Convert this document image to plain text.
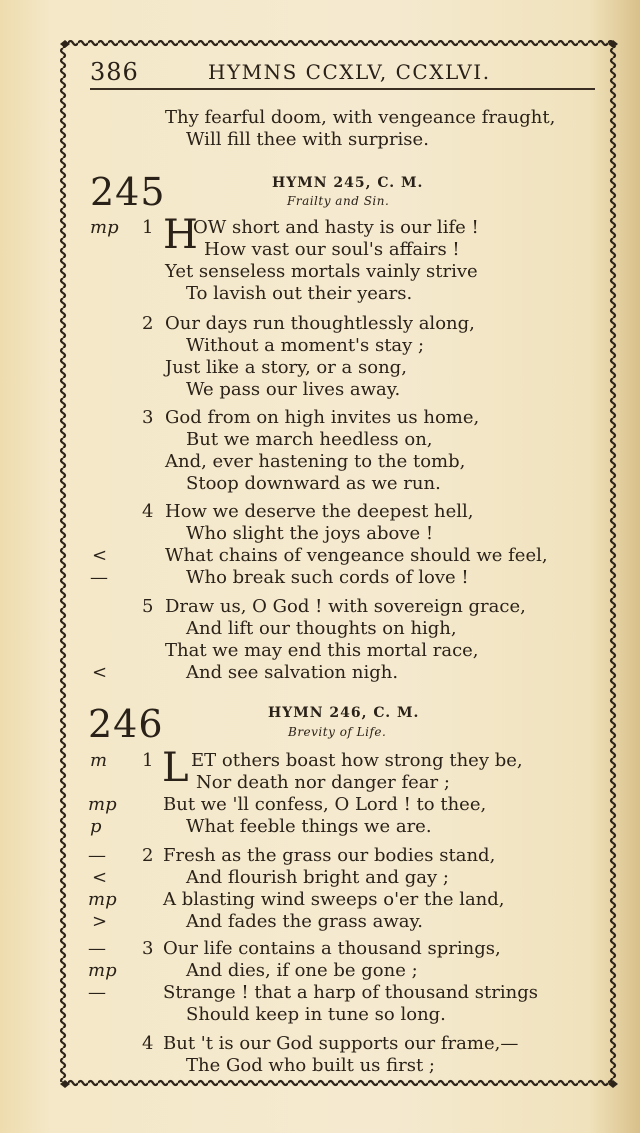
386	HYMNS CCXLV, CCXLVI.
Thy fearful doom, with vengeance fraught,
Will fill thee with surprise.
245	HYMN 245, C. M.
Frailty and Sin.
mp 1 H
OW short and hasty is our life !
How vast our soul's affairs !
Yet senseless mortals vainly strive
To lavish out their years.
2 Our days run thoughtlessly along,
Without a moment's stay ;
Just like a story, or a song,
We pass our lives away.
3 God from on high invites us home,
But we march heedless on,
And, ever hastening to the tomb,
Stoop downward as we run.
4 How we deserve the deepest hell,
Who slight the joys above !
<	What chains of vengeance should we feel,
—	Who break such cords of love !
5 Draw us, O God ! with sovereign grace,
And lift our thoughts on high,
That we may end this mortal race,
<	And see salvation nigh.
246	HYMN 246, C. M.
Brevity of Life.
m 1 L ET others boast how strong they be,
Nor death nor danger fear ;
mp	But we 'll confess, O Lord ! to thee,
p	What feeble things we are.
— 2 Fresh as the grass our bodies stand,
<	And flourish bright and gay ;
mp	A blasting wind sweeps o'er the land,
>	And fades the grass away.
— 3 Our life contains a thousand springs,
mp	And dies, if one be gone ;
—	Strange ! that a harp of thousand strings
Should keep in tune so long.
4 But 't is our God supports our frame,—
The God who built us first ;
